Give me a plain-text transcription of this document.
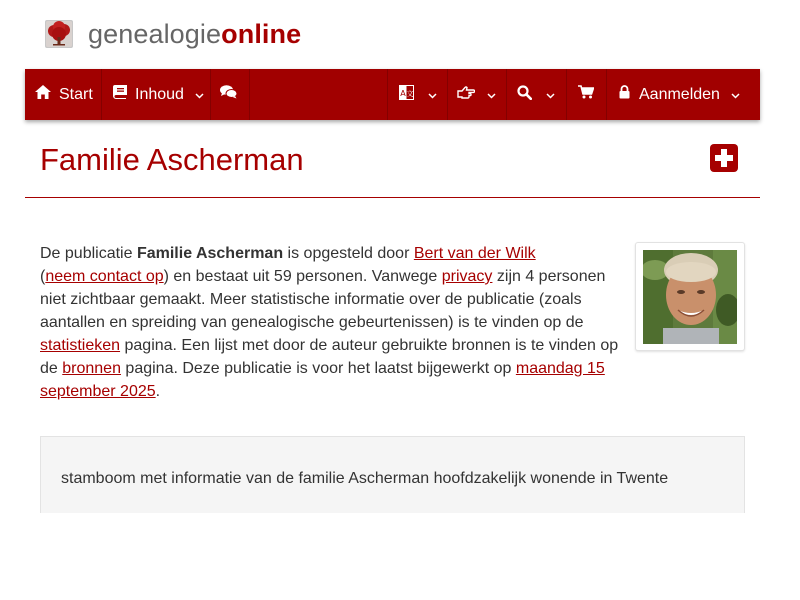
genealogieonline
Start	Inhoud	A 文	Aanmelden
Familie Ascherman

De publicatie Familie Ascherman is opgesteld door Bert van der Wilk
(neem contact op) en bestaat uit 59 personen. Vanwege privacy zijn 4 personen niet zichtbaar gemaakt. Meer statistische informatie over de publicatie (zoals aantallen en spreiding van genealogische gebeurtenissen) is te vinden op de statistieken pagina. Een lijst met door de auteur gebruikte bronnen is te vinden op de bronnen pagina. Deze publicatie is voor het laatst bijgewerkt op maandag 15 september 2025.

stamboom met informatie van de familie Ascherman hoofdzakelijk wonende in Twente
